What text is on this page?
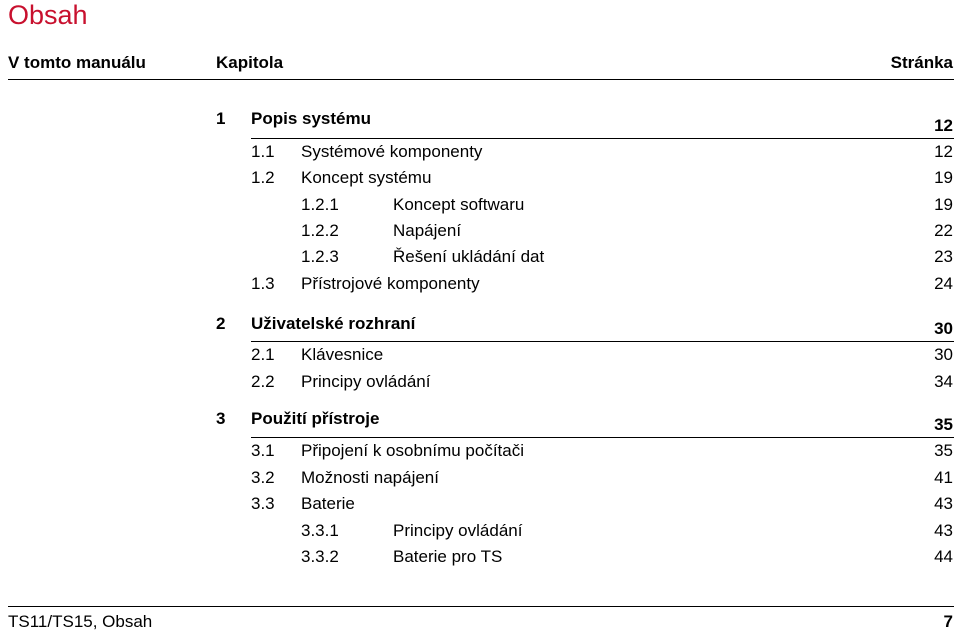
Obsah
V tomto manuálu	Kapitola	Stránka
1 Popis systému	12
1.1 Systémové komponenty	12
1.2 Koncept systému	19
1.2.1	Koncept softwaru	19
1.2.2	Napájení	22
1.2.3	Řešení ukládání dat	23
1.3 Přístrojové komponenty	24
2 Uživatelské rozhraní	30
2.1 Klávesnice	30
2.2 Principy ovládání	34
3 Použití přístroje	35
3.1 Připojení k osobnímu počítači	35
3.2 Možnosti napájení	41
3.3 Baterie	43
3.3.1	Principy ovládání	43
3.3.2	Baterie pro TS	44
TS11/TS15, Obsah	7
